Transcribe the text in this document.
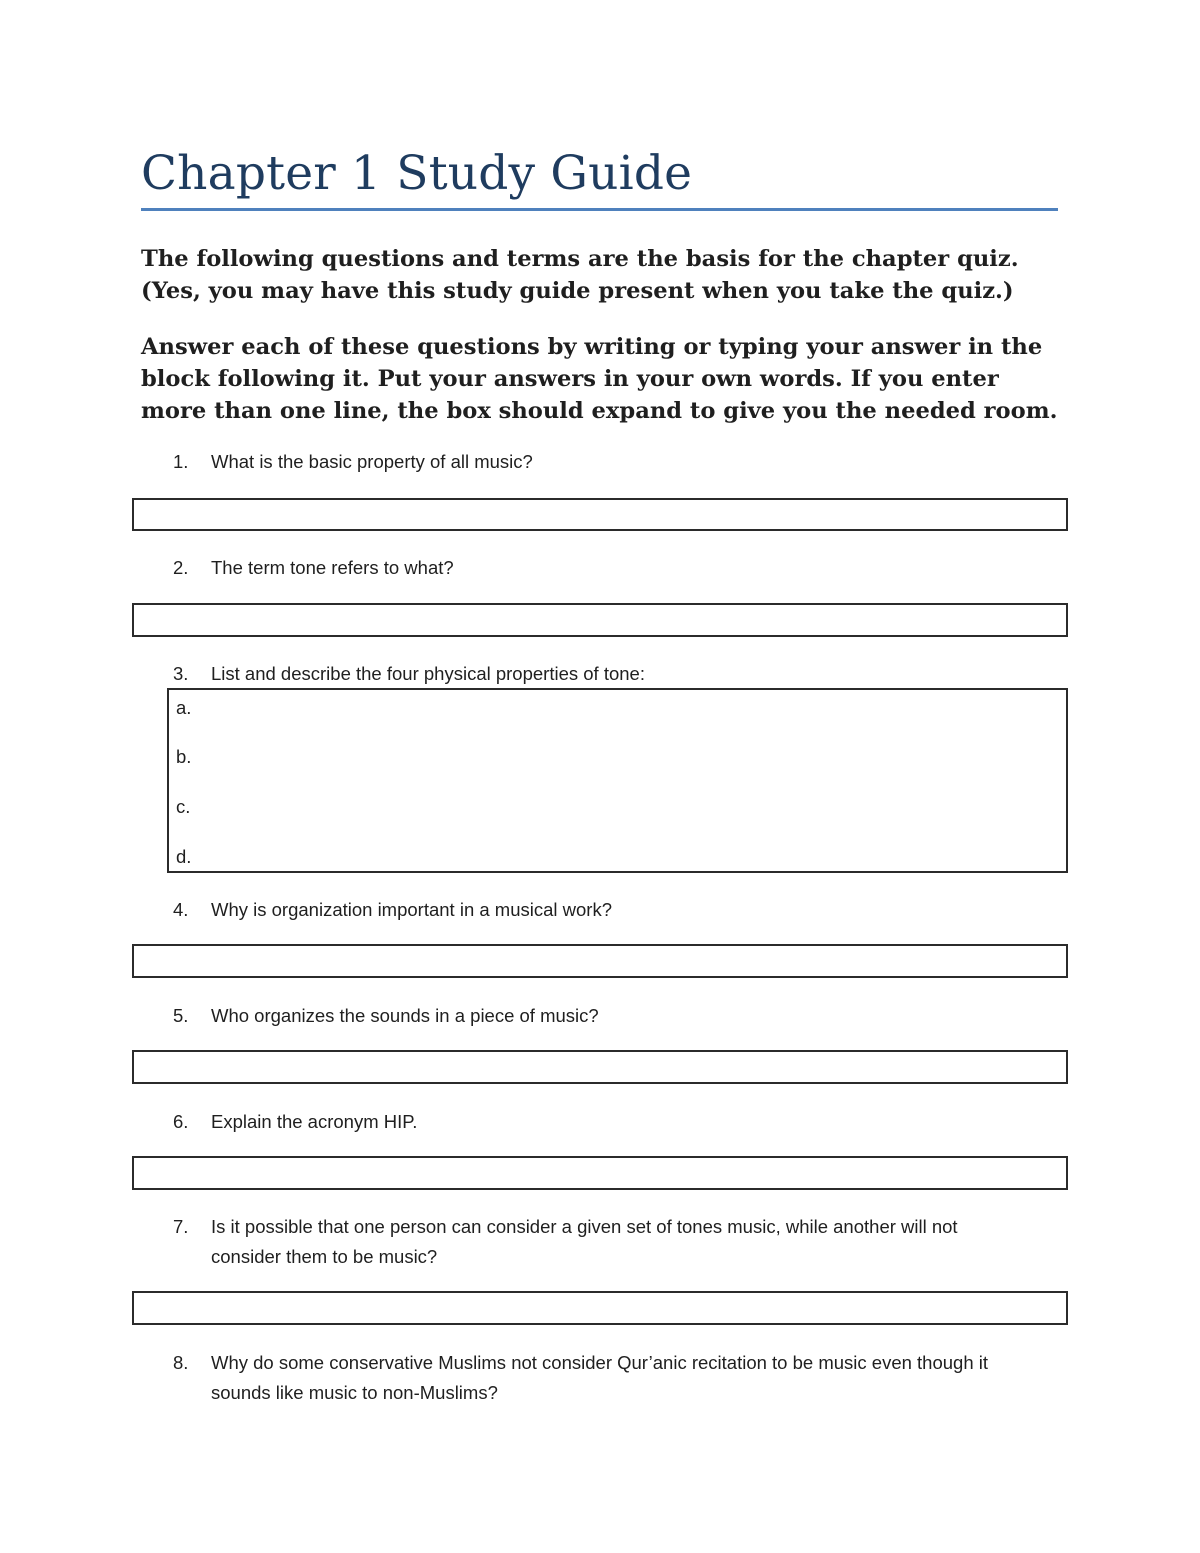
Chapter 1 Study Guide

The following questions and terms are the basis for the chapter quiz.

(Yes, you may have this study guide present when you take the quiz.)

Answer each of these questions by writing or typing your answer in the

block following it. Put your answers in your own words. If you enter

more than one line, the box should expand to give you the needed room.

1. What is the basic property of all music?
2. The term tone refers to what?
3. List and describe the four physical properties of tone:
a.
b.
c.
d.
4. Why is organization important in a musical work?
5. Who organizes the sounds in a piece of music?
6. Explain the acronym HIP.
7. Is it possible that one person can consider a given set of tones music, while another will not
consider them to be music?
8. Why do some conservative Muslims not consider Qur’anic recitation to be music even though it
sounds like music to non-Muslims?
